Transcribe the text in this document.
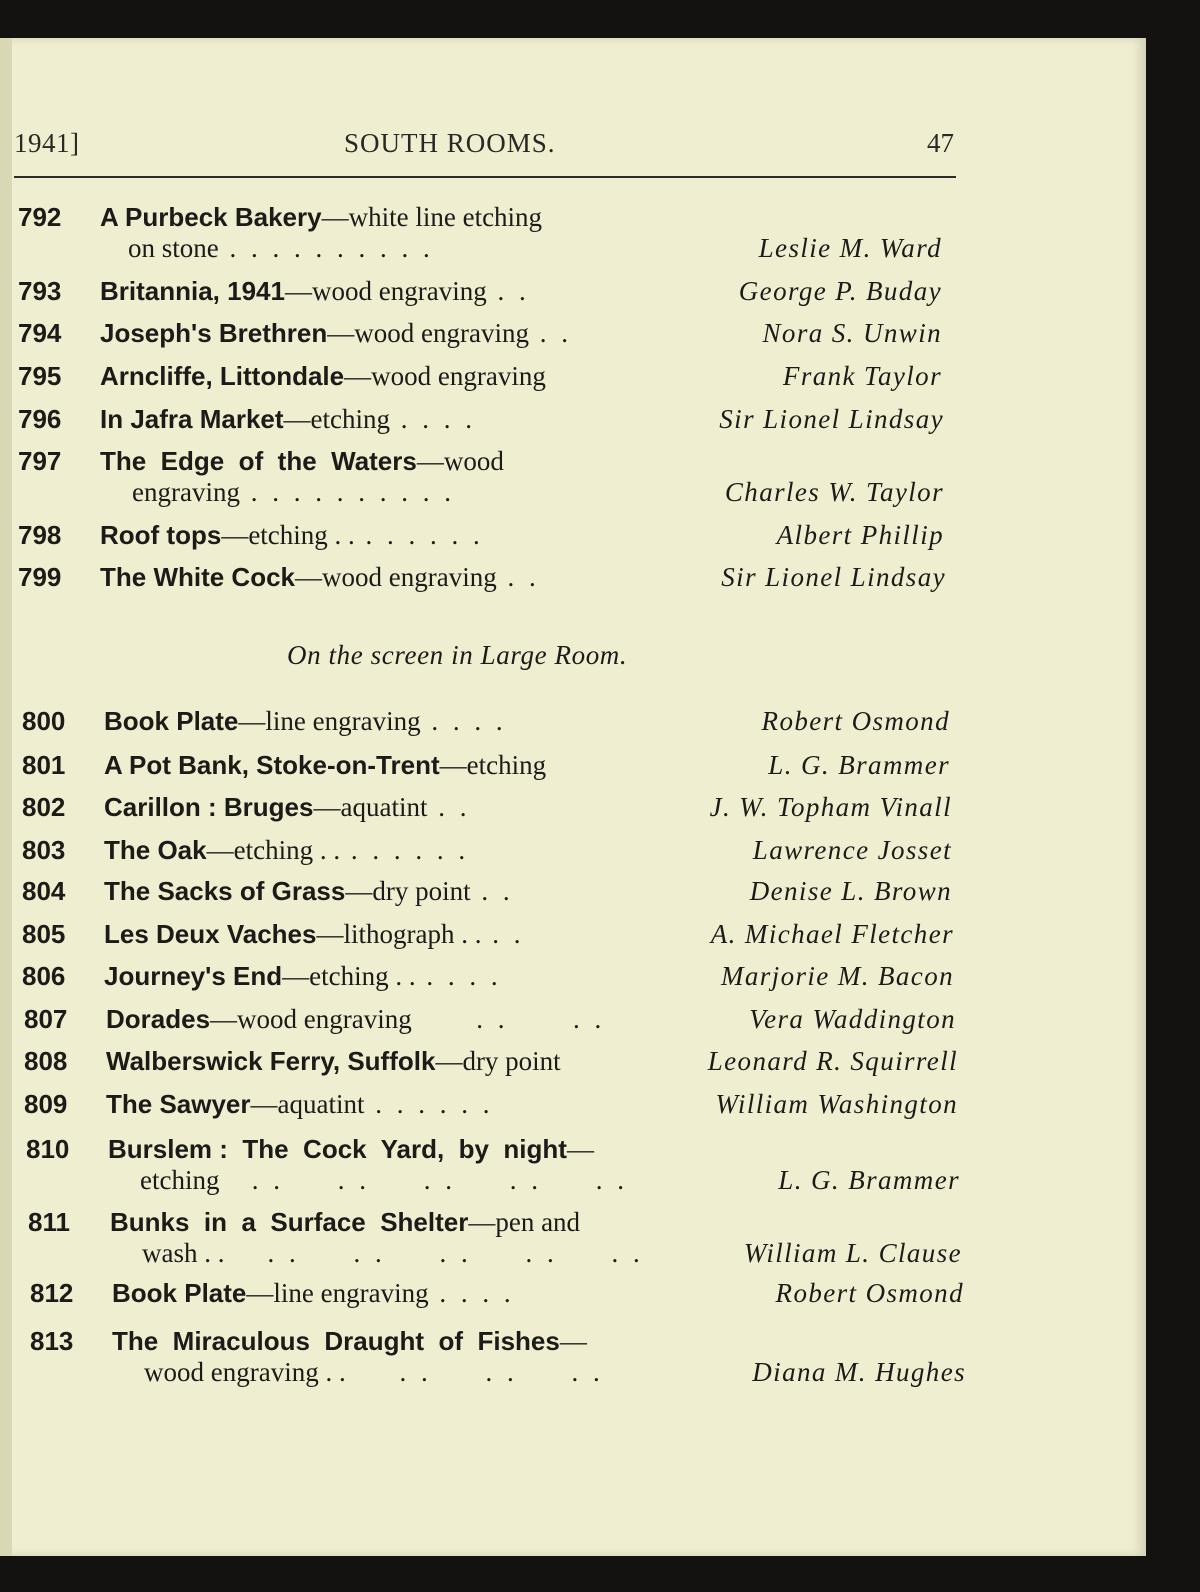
1941]	SOUTH ROOMS.	47
792 A Purbeck Bakery—white line etching
on stone . . . . . . . . . .	Leslie M. Ward
793 Britannia, 1941—wood engraving . .	George P. Buday
794 Joseph's Brethren—wood engraving . .	Nora S. Unwin
795 Arncliffe, Littondale—wood engraving	Frank Taylor
796 In Jafra Market—etching . . . .	Sir Lionel Lindsay
797 The  Edge  of  the  Waters—wood
engraving . . . . . . . . . .	Charles W. Taylor
798 Roof tops—etching . . . . . . . .	Albert Phillip
799 The White Cock—wood engraving . .	Sir Lionel Lindsay
On the screen in Large Room.
800 Book Plate—line engraving . . . .	Robert Osmond
801 A Pot Bank, Stoke-on-Trent—etching	L. G. Brammer
802 Carillon : Bruges—aquatint . .	J. W. Topham Vinall
803 The Oak—etching . . . . . . . .	Lawrence Josset
804 The Sacks of Grass—dry point . .	Denise L. Brown
805 Les Deux Vaches—lithograph . . . .	A. Michael Fletcher
806 Journey's End—etching . . . . . .	Marjorie M. Bacon
807 Dorades—wood engraving      . .      . .	Vera Waddington
808 Walberswick Ferry, Suffolk—dry point	Leonard R. Squirrell
809 The Sawyer—aquatint . . . . . .	William Washington
810 Burslem :  The  Cock  Yard,  by  night—
etching   . .     . .     . .     . .     . .	L. G. Brammer
811 Bunks  in  a  Surface  Shelter—pen and
wash . .    . .     . .     . .     . .     . .	William L. Clause
812 Book Plate—line engraving . . . .	Robert Osmond
813 The  Miraculous  Draught  of  Fishes—
wood engraving . .     . .     . .     . .	Diana M. Hughes
